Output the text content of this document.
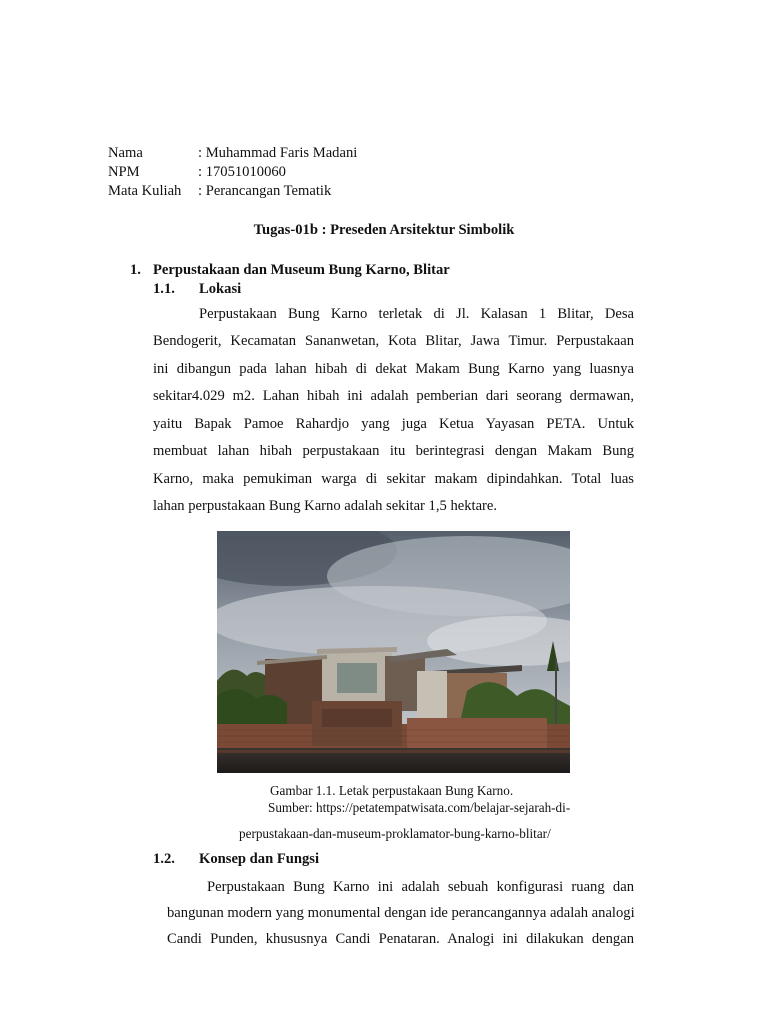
Nama	: Muhammad Faris Madani
NPM	: 17051010060
Mata Kuliah : Perancangan Tematik
Tugas-01b : Preseden Arsitektur Simbolik
1. Perpustakaan dan Museum Bung Karno, Blitar
1.1. Lokasi
Perpustakaan Bung Karno terletak di Jl. Kalasan 1 Blitar, Desa
Bendogerit, Kecamatan Sananwetan, Kota Blitar, Jawa Timur. Perpustakaan
ini dibangun pada lahan hibah di dekat Makam Bung Karno yang luasnya
sekitar4.029 m2. Lahan hibah ini adalah pemberian dari seorang dermawan,
yaitu Bapak Pamoe Rahardjo yang juga Ketua Yayasan PETA. Untuk
membuat lahan hibah perpustakaan itu berintegrasi dengan Makam Bung
Karno, maka pemukiman warga di sekitar makam dipindahkan. Total luas
lahan perpustakaan Bung Karno adalah sekitar 1,5 hektare.
Gambar 1.1. Letak perpustakaan Bung Karno.
Sumber: https://petatempatwisata.com/belajar-sejarah-di-
perpustakaan-dan-museum-proklamator-bung-karno-blitar/
1.2. Konsep dan Fungsi
Perpustakaan Bung Karno ini adalah sebuah konfigurasi ruang dan
bangunan modern yang monumental dengan ide perancangannya adalah analogi
Candi Punden, khususnya Candi Penataran. Analogi ini dilakukan dengan
